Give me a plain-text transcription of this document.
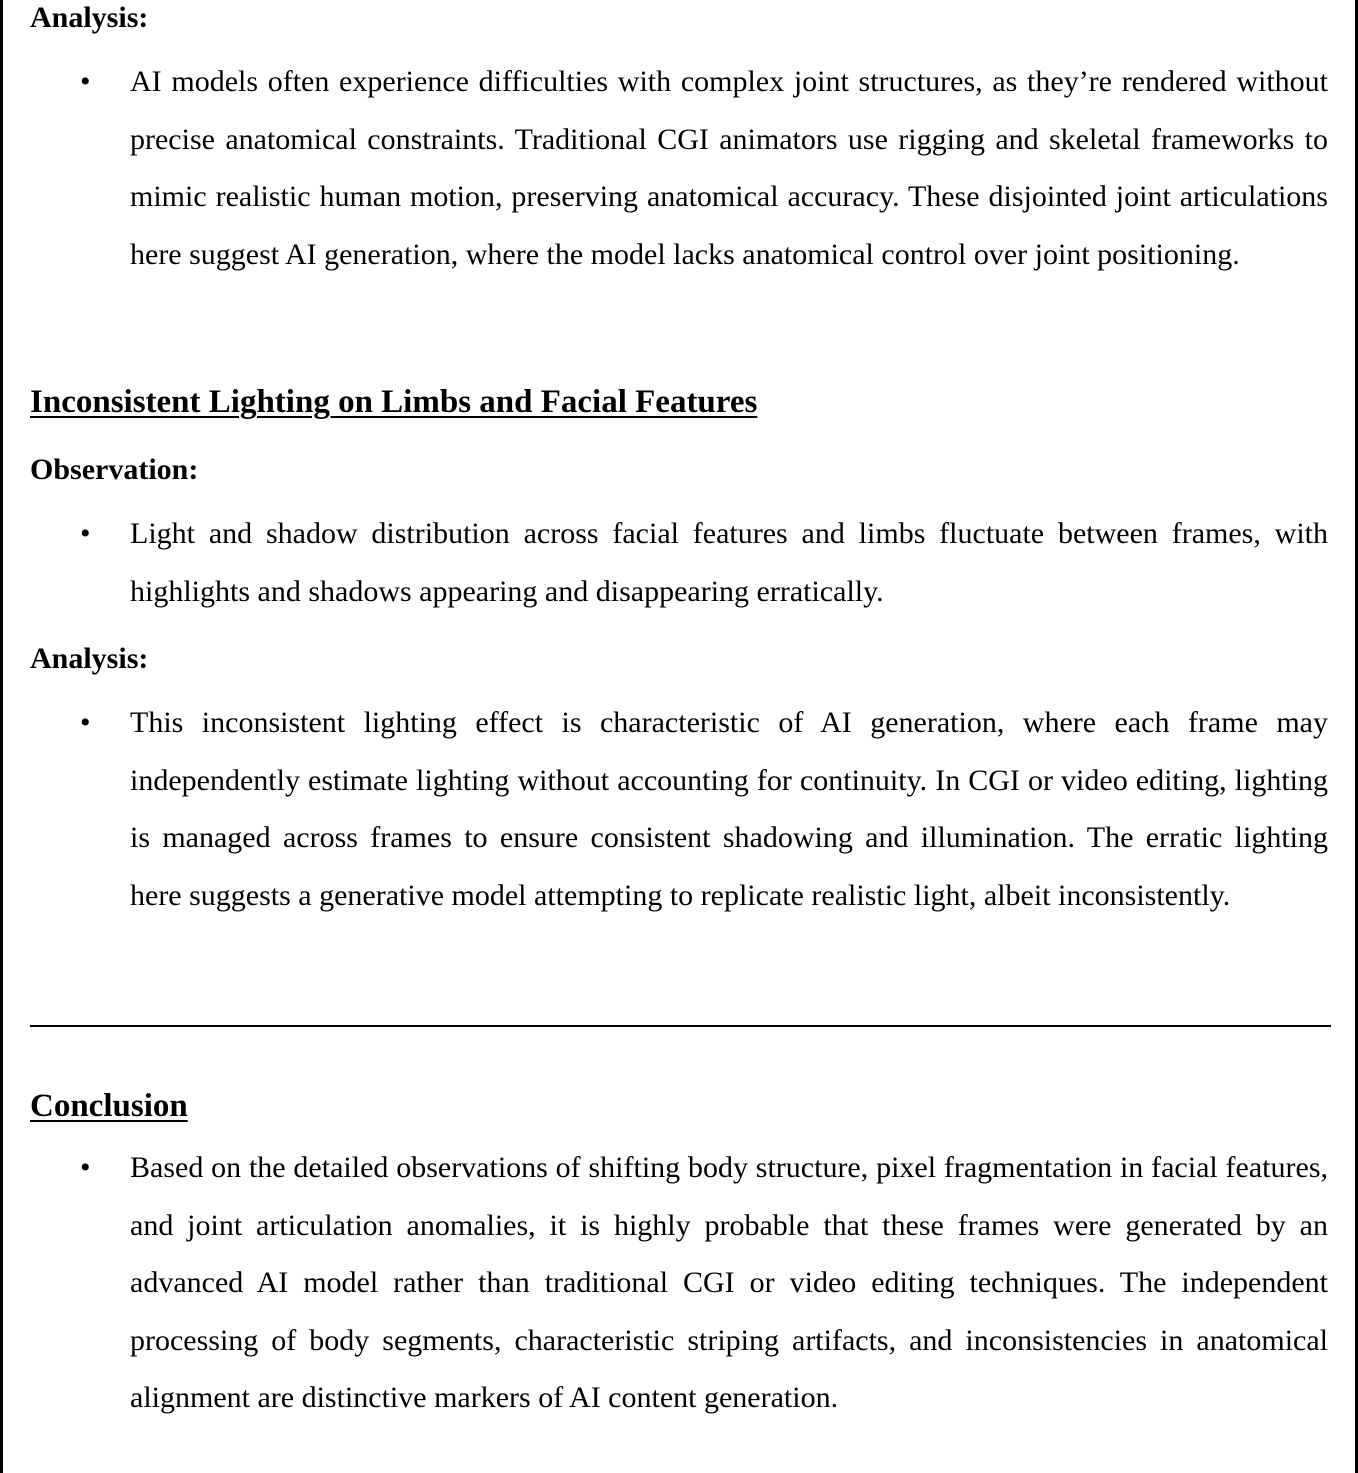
Analysis:

• AI models often experience difficulties with complex joint structures, as they’re rendered without precise anatomical constraints. Traditional CGI animators use rigging and skeletal frameworks to mimic realistic human motion, preserving anatomical accuracy. These disjointed joint articulations here suggest AI generation, where the model lacks anatomical control over joint positioning.

Inconsistent Lighting on Limbs and Facial Features

Observation:

• Light and shadow distribution across facial features and limbs fluctuate between frames, with highlights and shadows appearing and disappearing erratically.

Analysis:

• This inconsistent lighting effect is characteristic of AI generation, where each frame may independently estimate lighting without accounting for continuity. In CGI or video editing, lighting is managed across frames to ensure consistent shadowing and illumination. The erratic lighting here suggests a generative model attempting to replicate realistic light, albeit inconsistently.

Conclusion
• Based on the detailed observations of shifting body structure, pixel fragmentation in facial features, and joint articulation anomalies, it is highly probable that these frames were generated by an advanced AI model rather than traditional CGI or video editing techniques. The independent processing of body segments, characteristic striping artifacts, and inconsistencies in anatomical alignment are distinctive markers of AI content generation.
